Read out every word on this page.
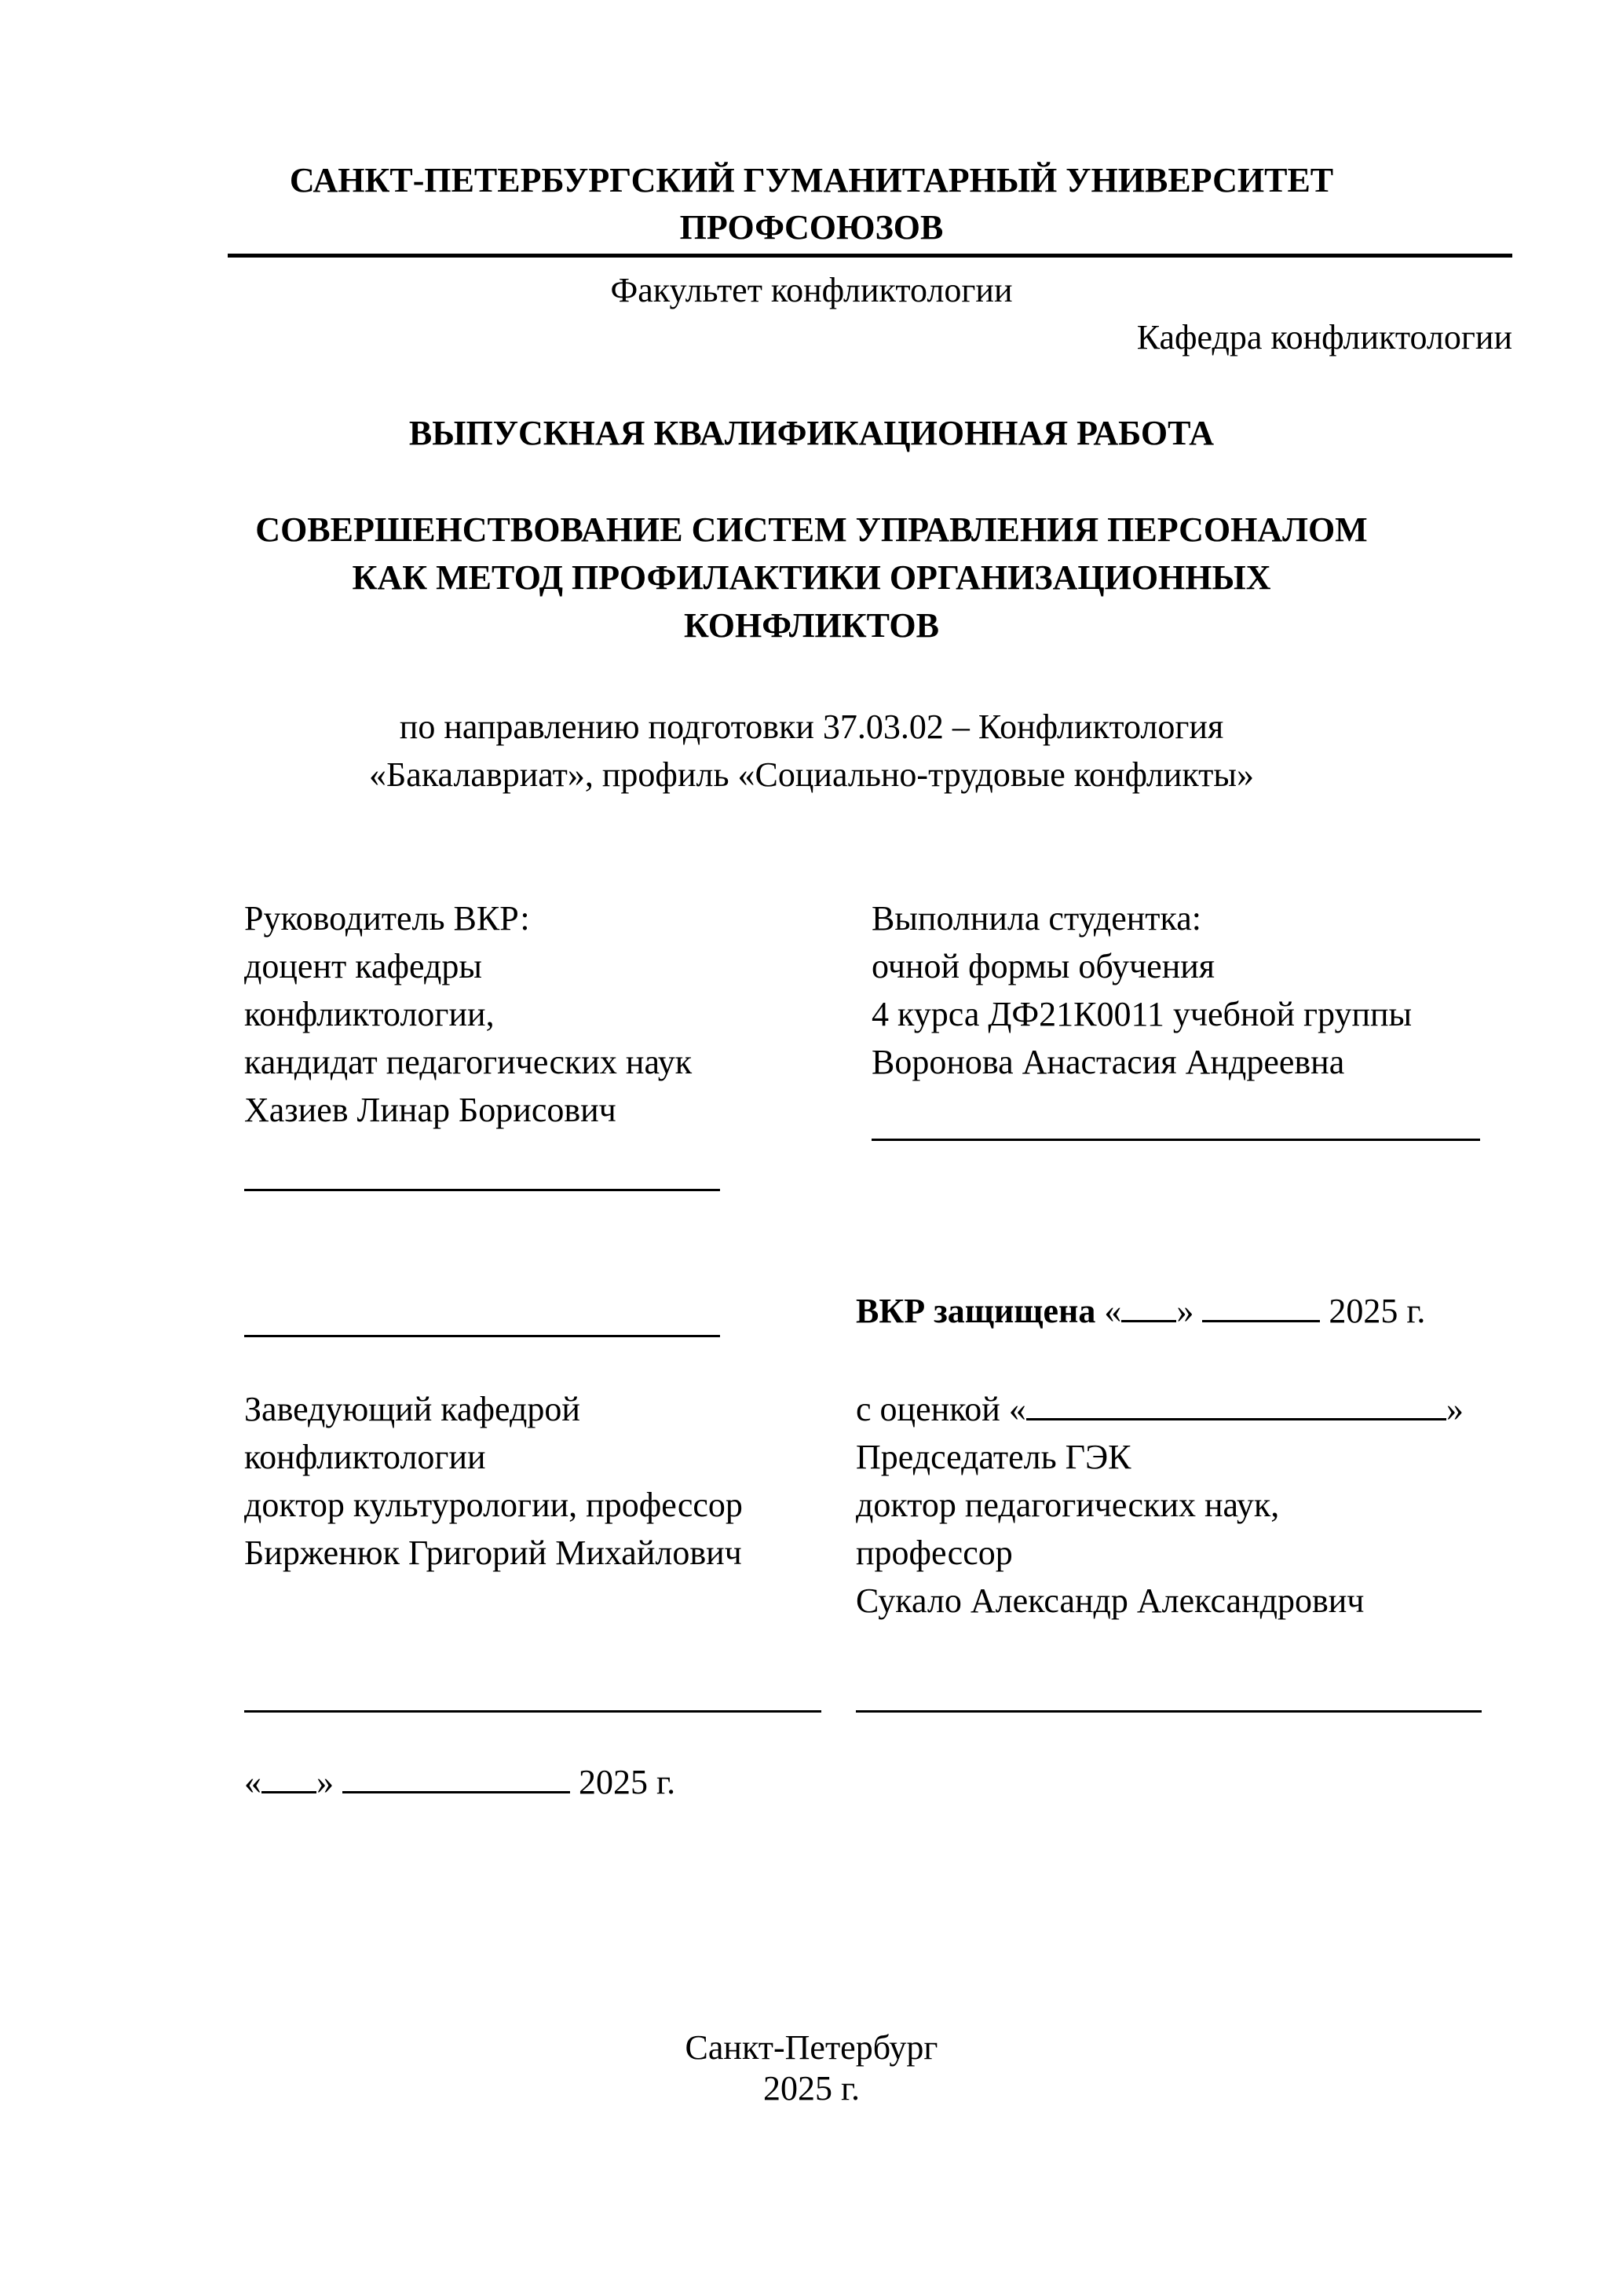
САНКТ-ПЕТЕРБУРГСКИЙ ГУМАНИТАРНЫЙ УНИВЕРСИТЕТ
ПРОФСОЮЗОВ
Факультет конфликтологии
Кафедра конфликтологии
ВЫПУСКНАЯ КВАЛИФИКАЦИОННАЯ РАБОТА
СОВЕРШЕНСТВОВАНИЕ СИСТЕМ УПРАВЛЕНИЯ ПЕРСОНАЛОМ
КАК МЕТОД ПРОФИЛАКТИКИ ОРГАНИЗАЦИОННЫХ
КОНФЛИКТОВ
по направлению подготовки 37.03.02 – Конфликтология
«Бакалавриат», профиль «Социально-трудовые конфликты»
Руководитель ВКР:
доцент кафедры
конфликтологии,
кандидат педагогических наук
Хазиев Линар Борисович
Выполнила студентка:
очной формы обучения
4 курса ДФ21К0011 учебной группы
Воронова Анастасия Андреевна
ВКР защищена « »	2025 г.
Заведующий кафедрой
конфликтологии
доктор культурологии, профессор
Бирженюк Григорий Михайлович
с оценкой «	»
Председатель ГЭК
доктор педагогических наук,
профессор
Сукало Александр Александрович
« »	2025 г.
Санкт-Петербург
2025 г.
